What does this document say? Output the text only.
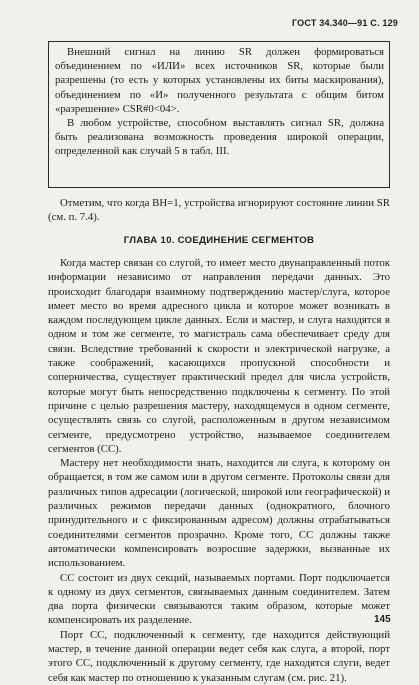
ГОСТ 34.340—91 С. 129

Внешний сигнал на линию SR должен формироваться объединением по «ИЛИ» всех источников SR, которые были разрешены (то есть у которых установлены их биты маскирования), объединением по «И» полученного результата с общим битом «разрешение» CSR#0<04>.

В любом устройстве, способном выставлять сигнал SR, должна быть реализована возможность проведения широкой операции, определенной как случай 5 в табл. III.

Отметим, что когда BH=1, устройства игнорируют состояние линии SR (см. п. 7.4).

ГЛАВА 10. СОЕДИНЕНИЕ СЕГМЕНТОВ

Когда мастер связан со слугой, то имеет место двунаправленный поток информации независимо от направления передачи данных. Это происходит благодаря взаимному подтверждению мастер/слуга, которое имеет место во время адресного цикла и которое может возникать в каждом последующем цикле данных. Если и мастер, и слуга находятся в одном и том же сегменте, то магистраль сама обеспечивает среду для связи. Вследствие требований к скорости и электрической нагрузке, а также соображений, касающихся пропускной способности и соперничества, существует практический предел для числа устройств, которые могут быть непосредственно подключены к сегменту. По этой причине с целью разрешения мастеру, находящемуся в одном сегменте, осуществлять связь со слугой, расположенным в другом независимом сегменте, предусмотрено устройство, называемое соединителем сегментов (СС).

Мастеру нет необходимости знать, находится ли слуга, к которому он обращается, в том же самом или в другом сегменте. Протоколы связи для различных типов адресации (логической, широкой или географической) и различных режимов передачи данных (однократного, блочного принудительного и с фиксированным адресом) должны отрабатываться соединителями сегментов прозрачно. Кроме того, СС должны также автоматически компенсировать возросшие задержки, вызванные их использованием.

СС состоит из двух секций, называемых портами. Порт подключается к одному из двух сегментов, связываемых данным соединителем. Затем два порта физически связываются таким образом, которые может компенсировать их разделение.

Порт СС, подключенный к сегменту, где находится действующий мастер, в течение данной операции ведет себя как слуга, а второй, порт этого СС, подключенный к другому сегменту, где находятся слуги, ведет себя как мастер по отношению к указанным слугам (см. рис. 21).

145
